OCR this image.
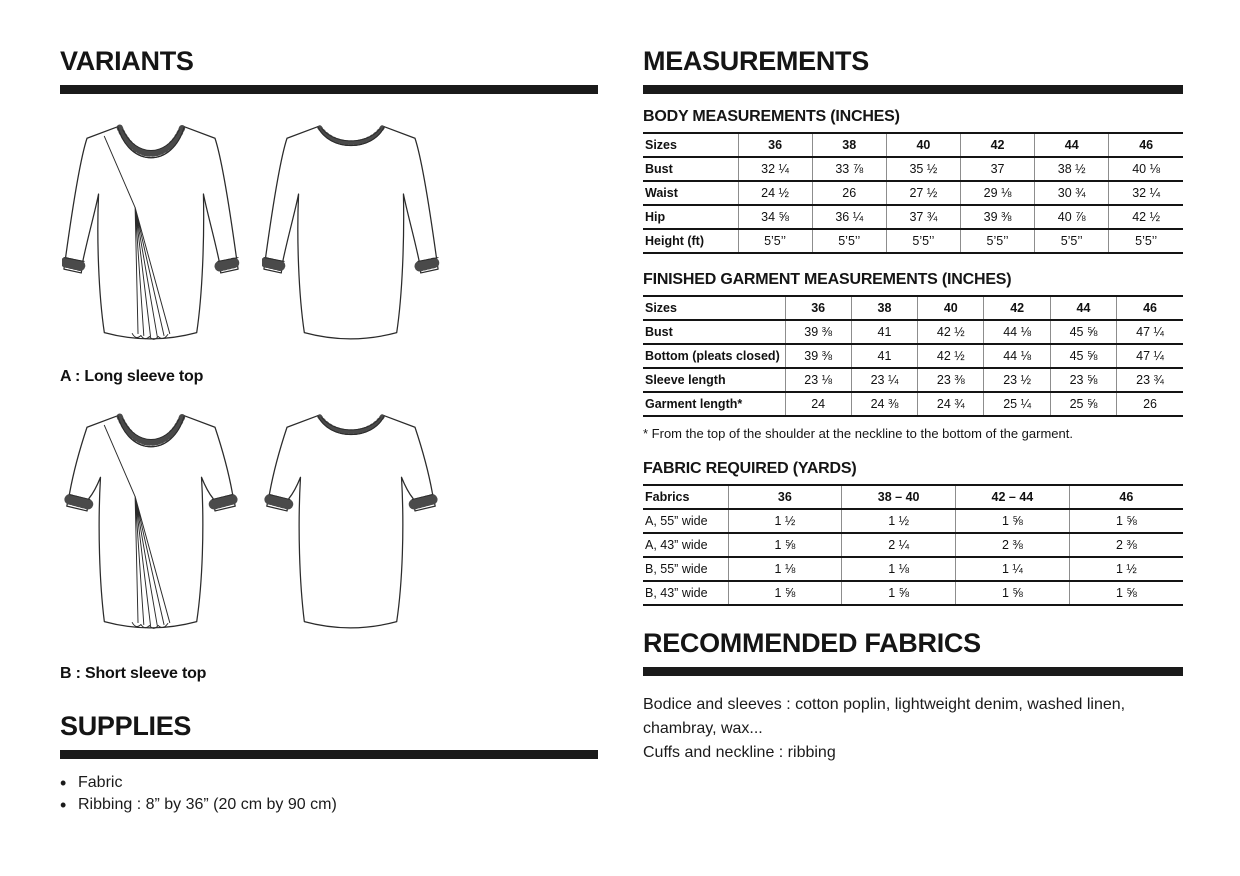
VARIANTS
A : Long sleeve top
B : Short sleeve top
SUPPLIES
• Fabric
• Ribbing : 8” by 36” (20 cm by 90 cm)
MEASUREMENTS
BODY MEASUREMENTS (INCHES)
Sizes	36	38	40	42	44	46
Bust	32 ¼	33 ⅞	35 ½	37	38 ½	40 ⅛
Waist	24 ½	26	27 ½	29 ⅛	30 ¾	32 ¼
Hip	34 ⅝	36 ¼	37 ¾	39 ⅜	40 ⅞	42 ½
Height (ft)	5’5’’	5’5’’	5’5’’	5’5’’	5’5’’	5’5’’
FINISHED GARMENT MEASUREMENTS (INCHES)
Sizes	36	38	40	42	44	46
Bust	39 ⅜	41	42 ½	44 ⅛	45 ⅝	47 ¼
Bottom (pleats closed)	39 ⅜	41	42 ½	44 ⅛	45 ⅝	47 ¼
Sleeve length	23 ⅛	23 ¼	23 ⅜	23 ½	23 ⅝	23 ¾
Garment length*	24	24 ⅜	24 ¾	25 ¼	25 ⅝	26
* From the top of the shoulder at the neckline to the bottom of the garment.
FABRIC REQUIRED (YARDS)
Fabrics	36	38 – 40	42 – 44	46
A, 55” wide	1 ½	1 ½	1 ⅝	1 ⅝
A, 43” wide	1 ⅝	2 ¼	2 ⅜	2 ⅜
B, 55” wide	1 ⅛	1 ⅛	1 ¼	1 ½
B, 43” wide	1 ⅝	1 ⅝	1 ⅝	1 ⅝
RECOMMENDED FABRICS
Bodice and sleeves : cotton poplin, lightweight denim, washed linen,
chambray, wax...
Cuffs and neckline : ribbing
